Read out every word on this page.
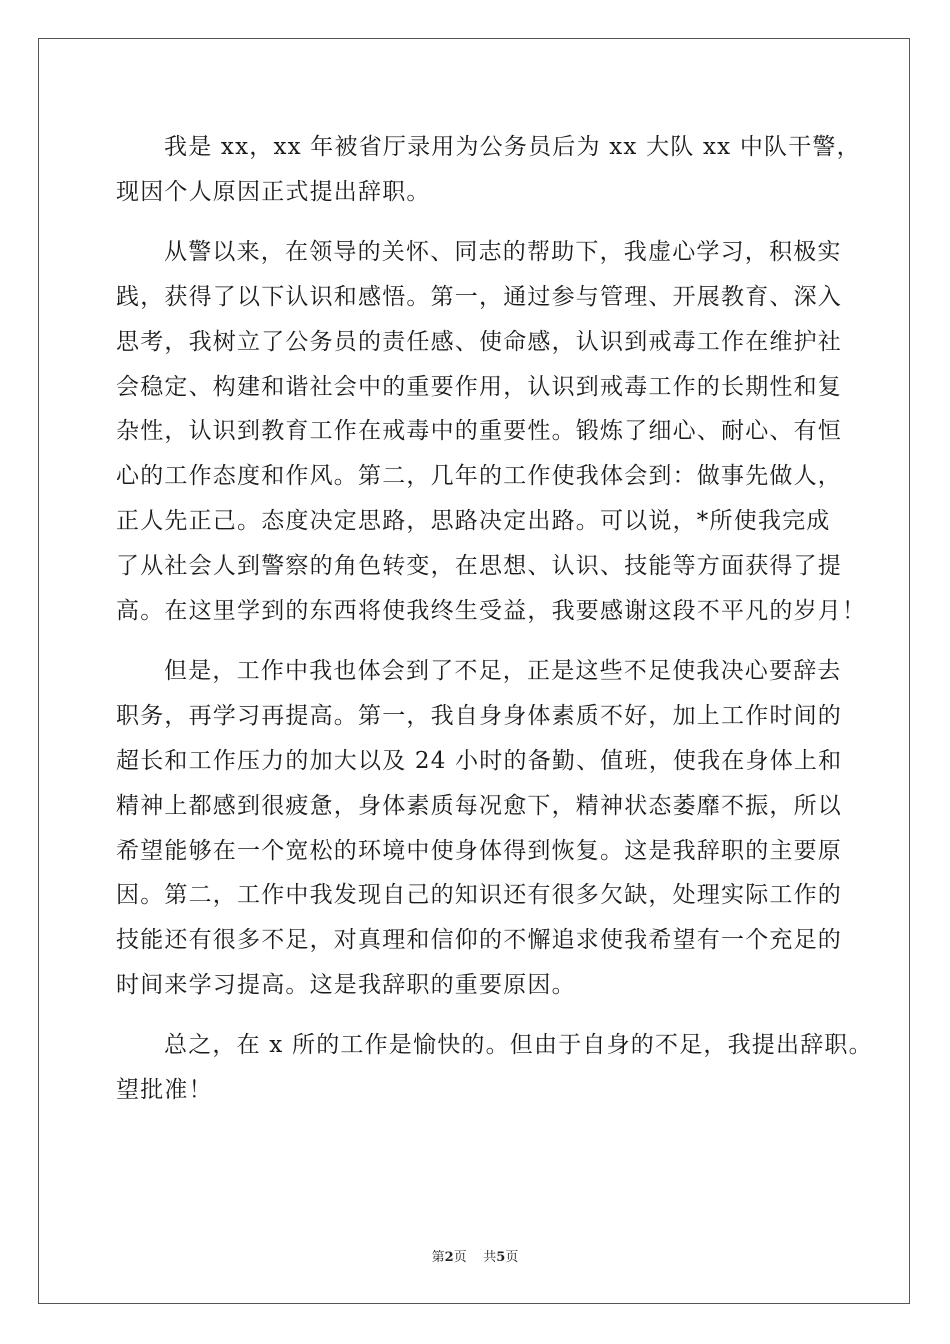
我是 xx，xx 年被省厅录用为公务员后为 xx 大队 xx 中队干警，
现因个人原因正式提出辞职。
从警以来，在领导的关怀、同志的帮助下，我虚心学习，积极实
践，获得了以下认识和感悟。第一，通过参与管理、开展教育、深入
思考，我树立了公务员的责任感、使命感，认识到戒毒工作在维护社
会稳定、构建和谐社会中的重要作用，认识到戒毒工作的长期性和复
杂性，认识到教育工作在戒毒中的重要性。锻炼了细心、耐心、有恒
心的工作态度和作风。第二，几年的工作使我体会到：做事先做人，
正人先正己。态度决定思路，思路决定出路。可以说，*所使我完成
了从社会人到警察的角色转变，在思想、认识、技能等方面获得了提
高。在这里学到的东西将使我终生受益，我要感谢这段不平凡的岁月！
但是，工作中我也体会到了不足，正是这些不足使我决心要辞去
职务，再学习再提高。第一，我自身身体素质不好，加上工作时间的
超长和工作压力的加大以及 24 小时的备勤、值班，使我在身体上和
精神上都感到很疲惫，身体素质每况愈下，精神状态萎靡不振，所以
希望能够在一个宽松的环境中使身体得到恢复。这是我辞职的主要原
因。第二，工作中我发现自己的知识还有很多欠缺，处理实际工作的
技能还有很多不足，对真理和信仰的不懈追求使我希望有一个充足的
时间来学习提高。这是我辞职的重要原因。
总之，在 x 所的工作是愉快的。但由于自身的不足，我提出辞职。
望批准！
第2页 共5页
